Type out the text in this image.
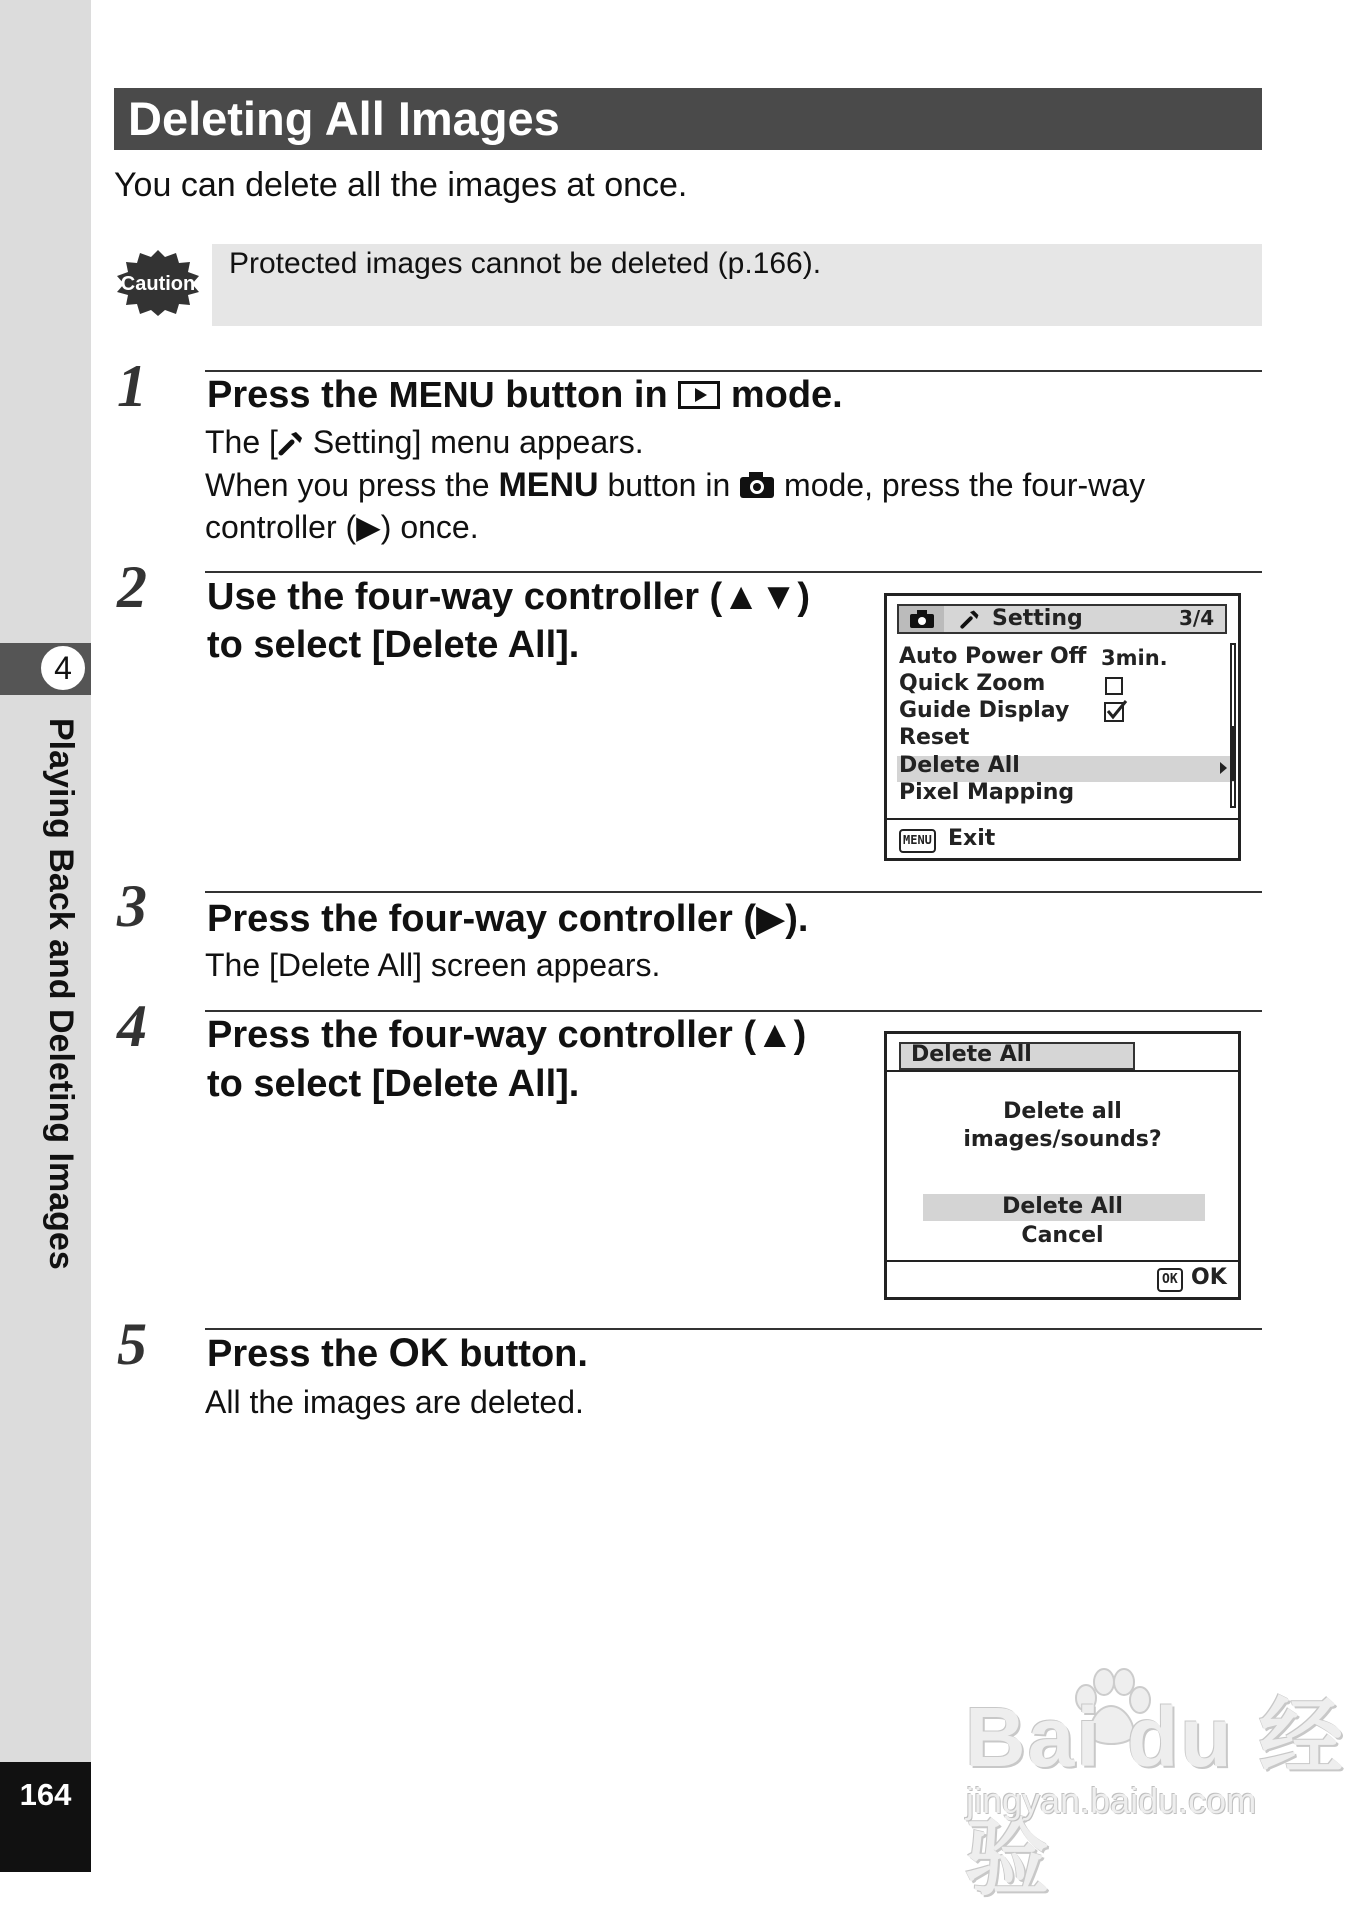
4
Playing Back and Deleting Images
164
Deleting All Images
You can delete all the images at once.
Caution
Protected images cannot be deleted (p.166).
1 Press the MENU button in  mode.
The [ Setting] menu appears.
When you press the MENU button in  mode, press the four-way
controller (▶) once.
2 Use the four-way controller (▲▼)
to select [Delete All].
Setting	3/4
Auto Power Off 3min.
Quick Zoom
Guide Display
Reset
Delete All
Pixel Mapping
MENU Exit
3 Press the four-way controller (▶).
The [Delete All] screen appears.
4 Press the four-way controller (▲)
to select [Delete All].
Delete All
Delete all
images/sounds?
Delete All
Cancel
OK OK
5 Press the OK button.
All the images are deleted.
Bai du 经验
jingyan.baidu.com
